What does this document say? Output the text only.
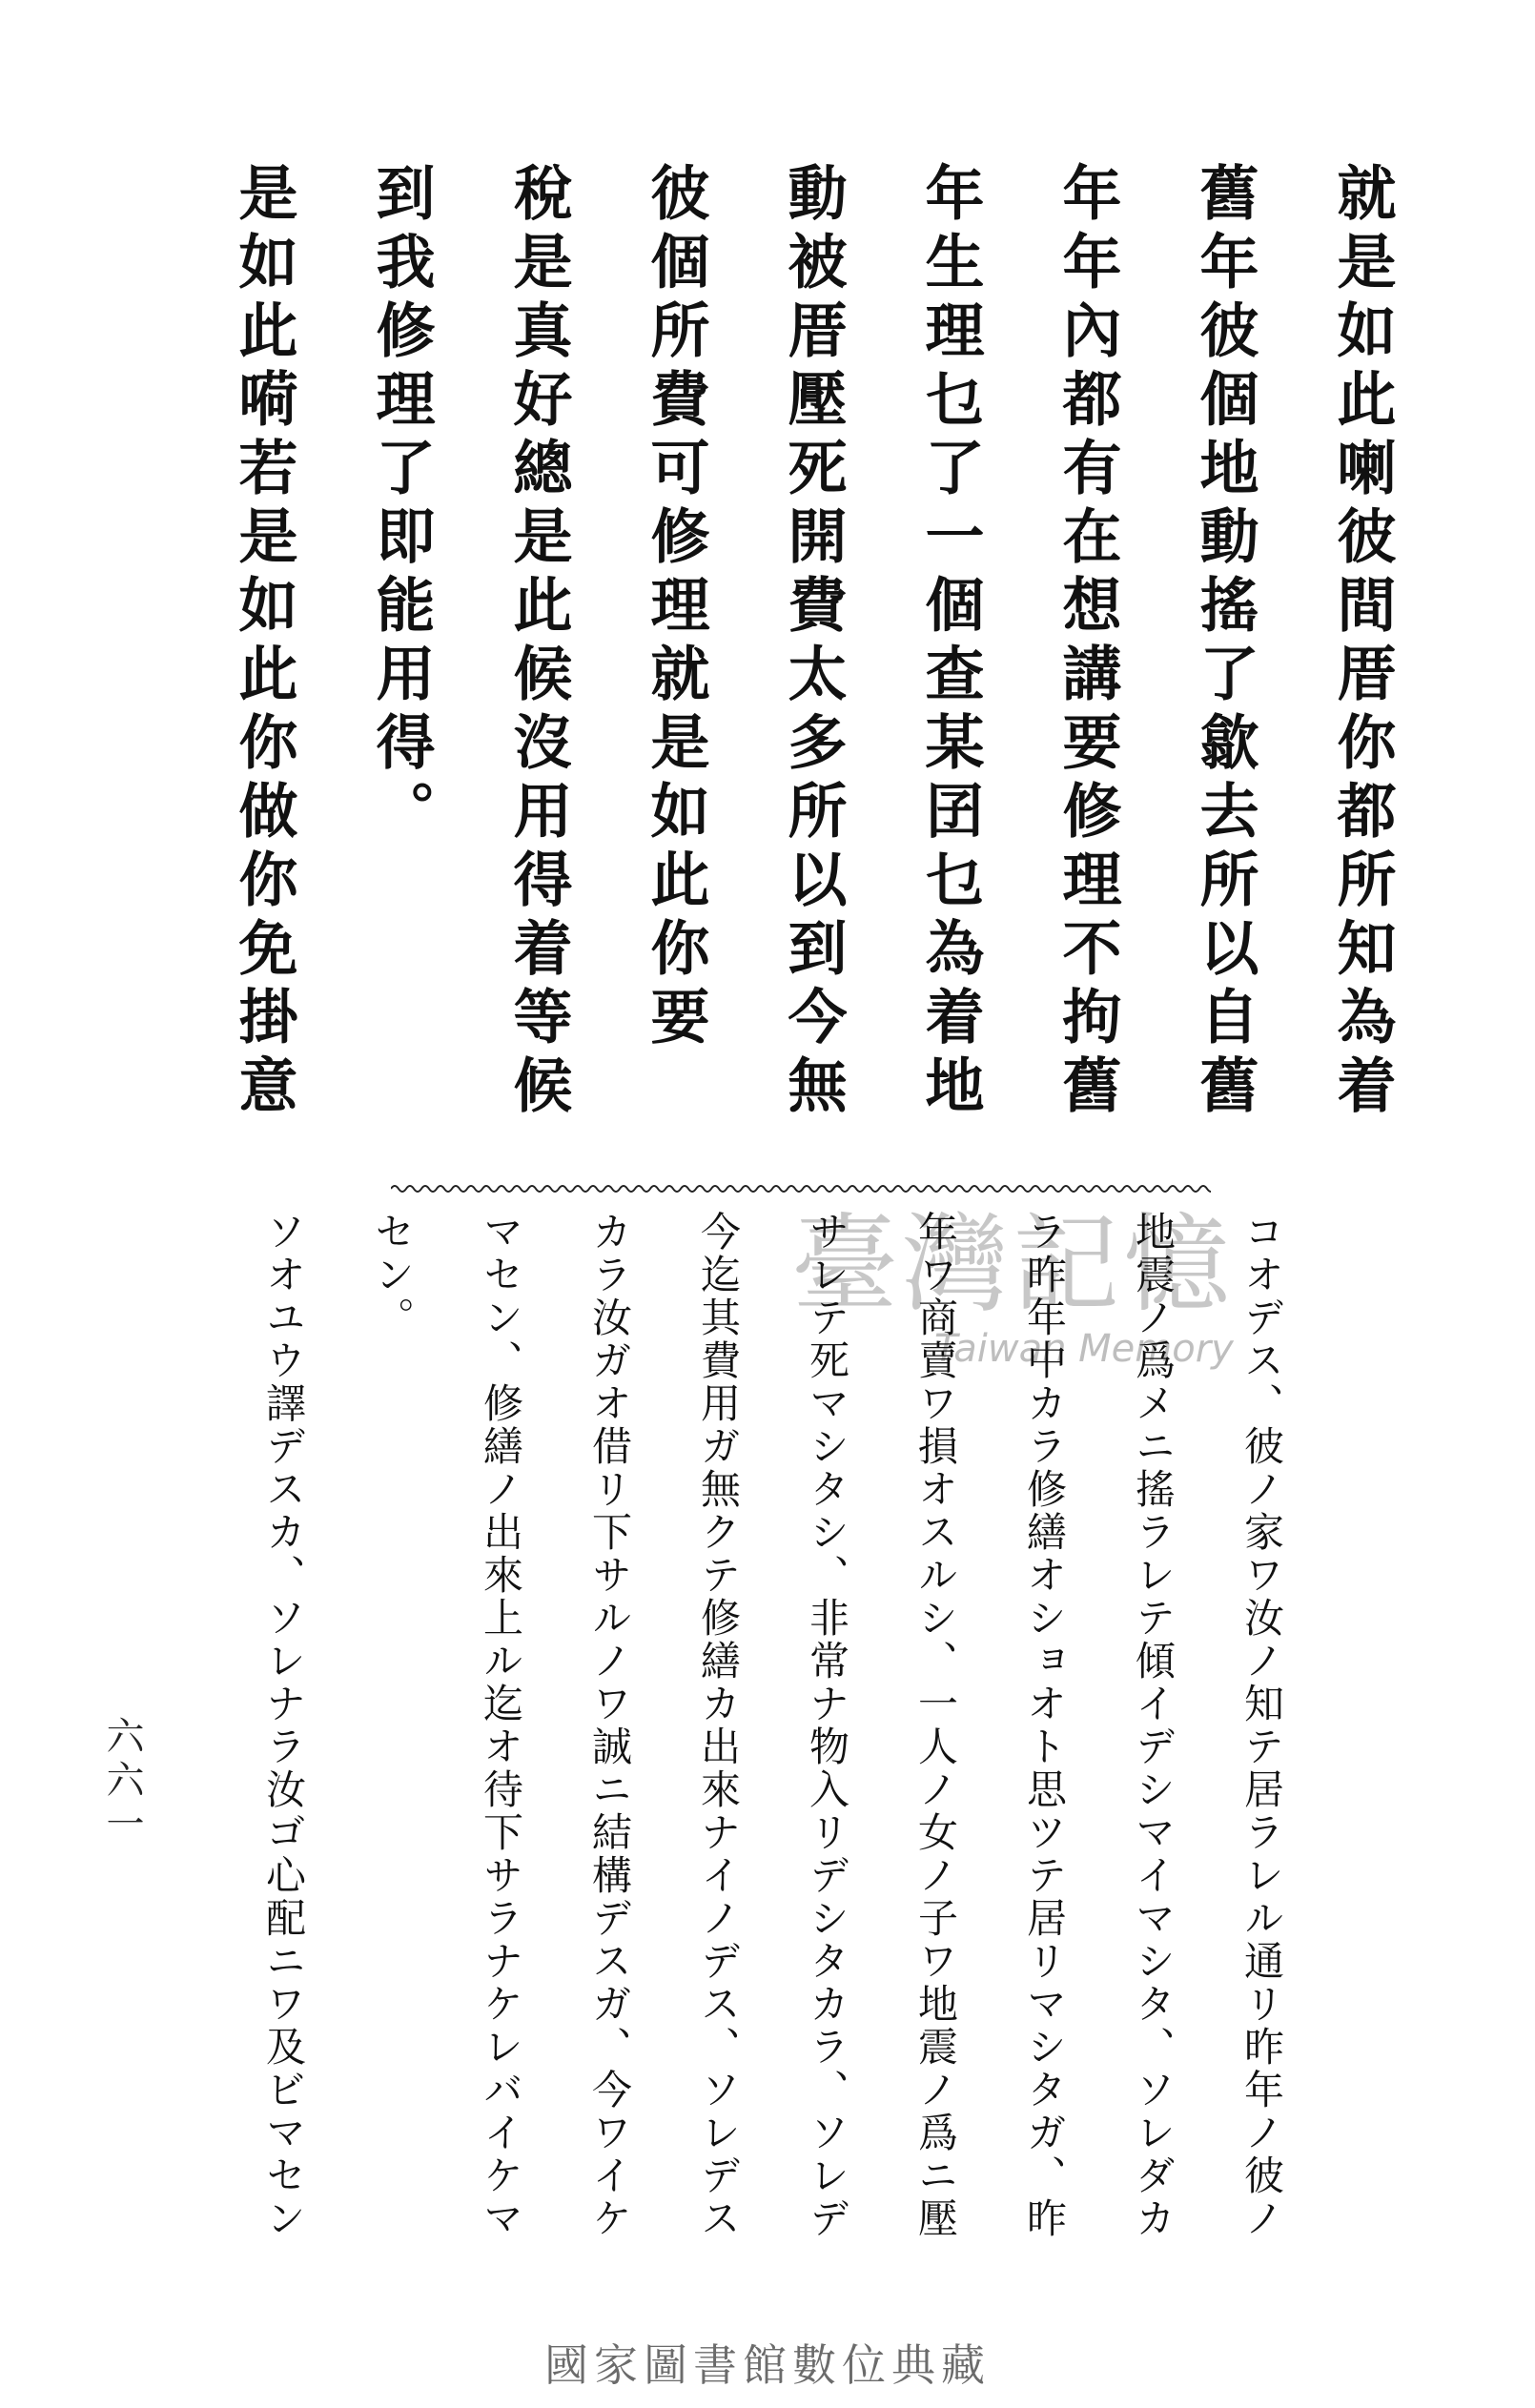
就是如此喇彼間厝你都所知為着
舊年彼個地動搖了歙去所以自舊
年年內都有在想講要修理不拘舊
年生理乜了一個查某囝乜為着地
動被厝壓死開費太多所以到今無
彼個所費可修理就是如此你要
稅是真好總是此候沒用得着等候
到我修理了即能用得。
是如此嗬若是如此你做你免掛意
臺灣記憶
Taiwan Memory コオデス、彼ノ家ワ汝ノ知テ居ラレル通リ昨年ノ彼ノ
地震ノ爲メニ搖ラレテ傾イデシマイマシタ、ソレダカ
ラ昨年中カラ修繕オショオト思ツテ居リマシタガ、昨
年ワ商賣ワ損オスルシ、一人ノ女ノ子ワ地震ノ爲ニ壓
サレテ死マシタシ、非常ナ物入リデシタカラ、ソレデ
今迄其費用ガ無クテ修繕カ出來ナイノデス、ソレデス
カラ汝ガオ借リ下サルノワ誠ニ結構デスガ、今ワイケ
マセン、修繕ノ出來上ル迄オ待下サラナケレバイケマ
セン。
ソオユウ譯デスカ、ソレナラ汝ゴ心配ニワ及ビマセン
六六一
國家圖書館數位典藏
